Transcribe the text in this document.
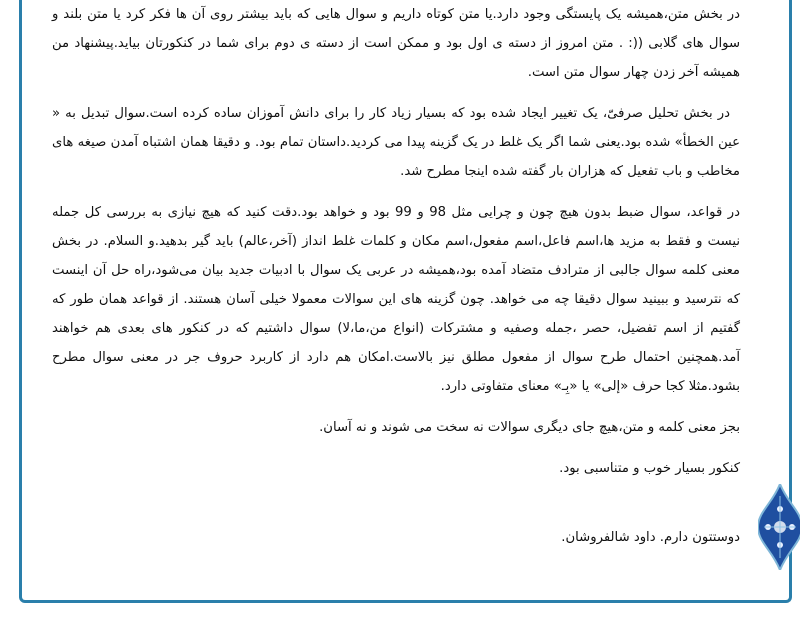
در بخش متن،همیشه یک پایستگی وجود دارد.یا متن کوتاه داریم و سوال هایی که باید بیشتر روی آن ها فکر کرد یا متن بلند و سوال های گلابی ((: . متن امروز از دسته ی اول بود و ممکن است از دسته ی دوم برای شما در کنکورتان بیاید.پیشنهاد من همیشه آخر زدن چهار سوال متن است.

در بخش تحلیل صرفیّ، یک تغییر ایجاد شده بود که بسیار زیاد کار را برای دانش آموزان ساده کرده است.سوال تبدیل به « عین الخطأ» شده بود.یعنی شما اگر یک غلط در یک گزینه پیدا می کردید.داستان تمام بود. و دقیقا همان اشتباه آمدن صیغه های مخاطب و باب تفعیل که هزاران بار گفته شده اینجا مطرح شد.

در قواعد، سوال ضبط بدون هیچ چون و چرایی مثل 98 و 99 بود و خواهد بود.دقت کنید که هیچ نیازی به بررسی کل جمله نیست و فقط به مزید ها،اسم فاعل،اسم مفعول،اسم مکان و کلمات غلط انداز (آخر،عالم) باید گیر بدهید.و السلام. در بخش معنی کلمه سوال جالبی از مترادف متضاد آمده بود،همیشه در عربی یک سوال با ادبیات جدید بیان می‌شود،راه حل آن اینست که نترسید و ببینید سوال دقیقا چه می خواهد. چون گزینه های این سوالات معمولا خیلی آسان هستند. از قواعد همان طور که گفتیم از اسم تفضیل، حصر ،جمله وصفیه و مشترکات (انواع من،ما،لا) سوال داشتیم که در کنکور های بعدی هم خواهند آمد.همچنین احتمال طرح سوال از مفعول مطلق نیز بالاست.امکان هم دارد از کاربرد حروف جر در معنی سوال مطرح بشود.مثلا کجا حرف «إلی» یا «بِـ» معنای متفاوتی دارد.

بجز معنی کلمه و متن،هیچ جای دیگری سوالات نه سخت می شوند و نه آسان.

کنکور بسیار خوب و متناسبی بود.

دوستتون دارم. داود شالفروشان.
